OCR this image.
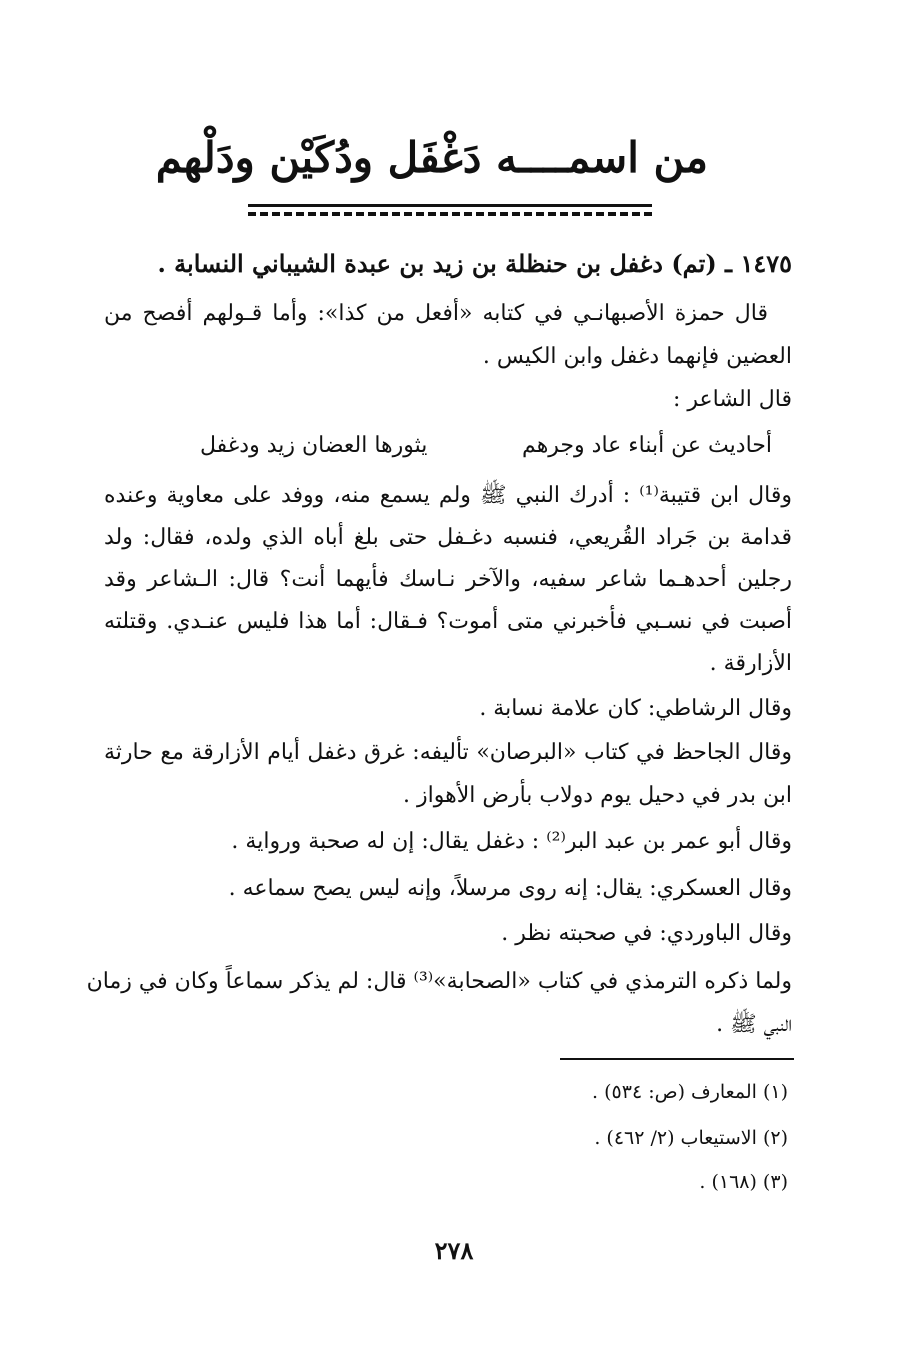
من اسمــــه دَغْفَل ودُكَيْن ودَلْهم
١٤٧٥ ـ (تم) دغفل بن حنظلة بن زيد بن عبدة الشيباني النسابة .
قال حمزة الأصبهانـي في كتابه «أفعل من كذا»: وأما قـولهم أفصح من
العضين فإنهما دغفل وابن الكيس .
قال الشاعر :
أحاديث عن أبناء عاد وجرهم
يثورها العضان زيد ودغفل
وقال ابن قتيبة⁽¹⁾ : أدرك النبي ﷺ ولم يسمع منه، ووفد على معاوية وعنده
قدامة بن جَراد القُريعي، فنسبه دغـفل حتى بلغ أباه الذي ولده، فقال: ولد
رجلين أحدهـما شاعر سفيه، والآخر نـاسك فأيهما أنت؟ قال: الـشاعر وقد
أصبت في نسـبي فأخبرني متى أموت؟ فـقال: أما هذا فليس عنـدي. وقتلته
الأزارقة .
وقال الرشاطي: كان علامة نسابة .
وقال الجاحظ في كتاب «البرصان» تأليفه: غرق دغفل أيام الأزارقة مع حارثة
ابن بدر في دحيل يوم دولاب بأرض الأهواز .
وقال أبو عمر بن عبد البر⁽²⁾ : دغفل يقال: إن له صحبة ورواية .
وقال العسكري: يقال: إنه روى مرسلاً، وإنه ليس يصح سماعه .
وقال الباوردي: في صحبته نظر .
ولما ذكره الترمذي في كتاب «الصحابة»⁽³⁾ قال: لم يذكر سماعاً وكان في زمان
النبي ﷺ .
(١) المعارف (ص: ٥٣٤) .
(٢) الاستيعاب (٢/ ٤٦٢) .
(٣) (١٦٨) .
٢٧٨
